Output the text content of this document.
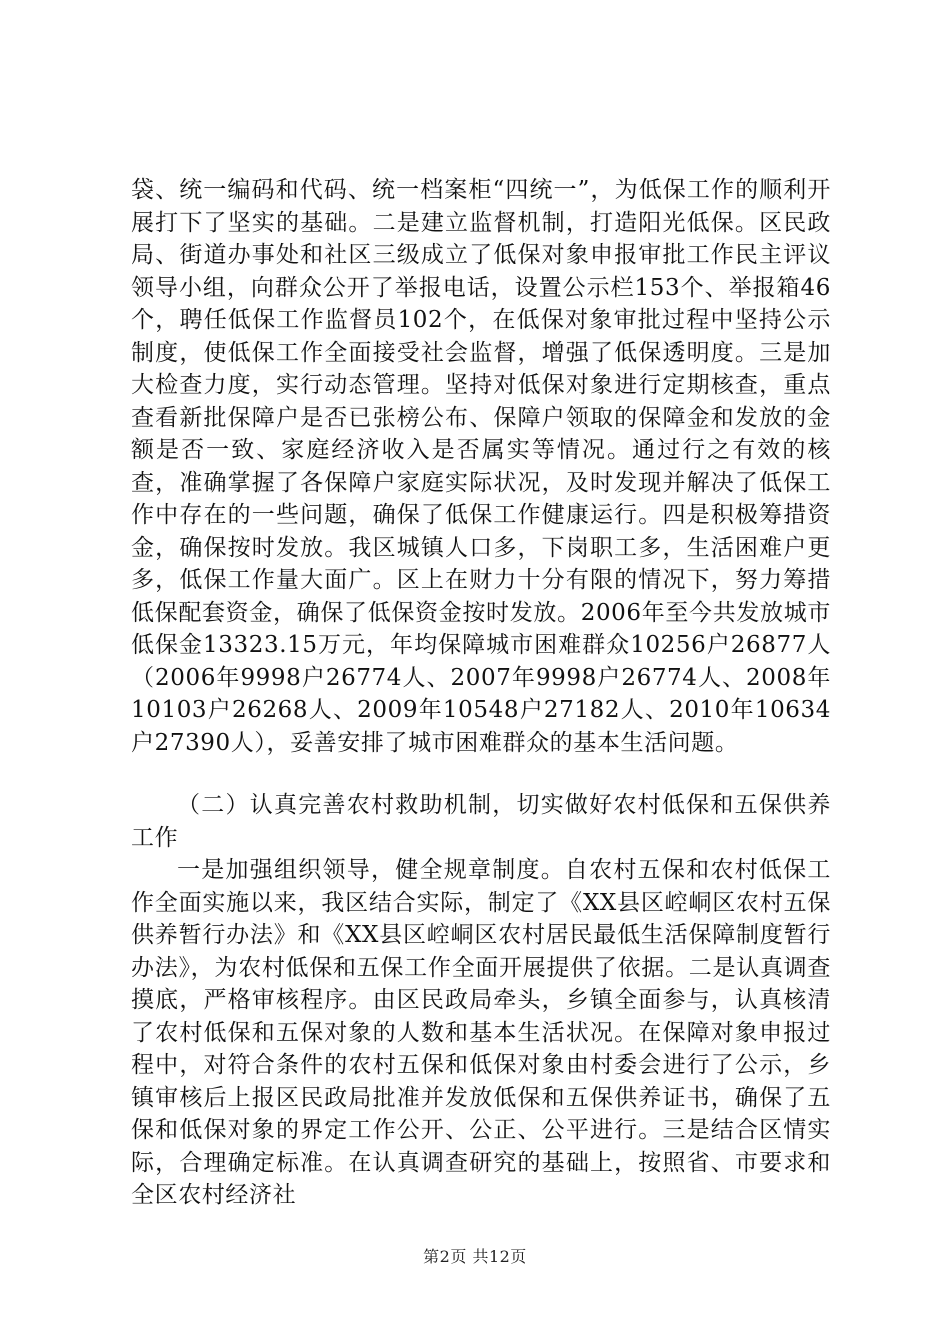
袋、统一编码和代码、统一档案柜“四统一”，为低保工作的顺利开展打下了坚实的基础。二是建立监督机制，打造阳光低保。区民政局、街道办事处和社区三级成立了低保对象申报审批工作民主评议领导小组，向群众公开了举报电话，设置公示栏153个、举报箱46个，聘任低保工作监督员102个，在低保对象审批过程中坚持公示制度，使低保工作全面接受社会监督，增强了低保透明度。三是加大检查力度，实行动态管理。坚持对低保对象进行定期核查，重点查看新批保障户是否已张榜公布、保障户领取的保障金和发放的金额是否一致、家庭经济收入是否属实等情况。通过行之有效的核查，准确掌握了各保障户家庭实际状况，及时发现并解决了低保工作中存在的一些问题，确保了低保工作健康运行。四是积极筹措资金，确保按时发放。我区城镇人口多，下岗职工多，生活困难户更多，低保工作量大面广。区上在财力十分有限的情况下，努力筹措低保配套资金，确保了低保资金按时发放。2006年至今共发放城市低保金13323.15万元，年均保障城市困难群众10256户26877人（2006年9998户26774人、2007年9998户26774人、2008年10103户26268人、2009年10548户27182人、2010年10634户27390人），妥善安排了城市困难群众的基本生活问题。
（二）认真完善农村救助机制，切实做好农村低保和五保供养工作
一是加强组织领导，健全规章制度。自农村五保和农村低保工作全面实施以来，我区结合实际，制定了《XX县区崆峒区农村五保供养暂行办法》和《XX县区崆峒区农村居民最低生活保障制度暂行办法》，为农村低保和五保工作全面开展提供了依据。二是认真调查摸底，严格审核程序。由区民政局牵头，乡镇全面参与，认真核清了农村低保和五保对象的人数和基本生活状况。在保障对象申报过程中，对符合条件的农村五保和低保对象由村委会进行了公示，乡镇审核后上报区民政局批准并发放低保和五保供养证书，确保了五保和低保对象的界定工作公开、公正、公平进行。三是结合区情实际，合理确定标准。在认真调查研究的基础上，按照省、市要求和全区农村经济社
第2页 共12页
